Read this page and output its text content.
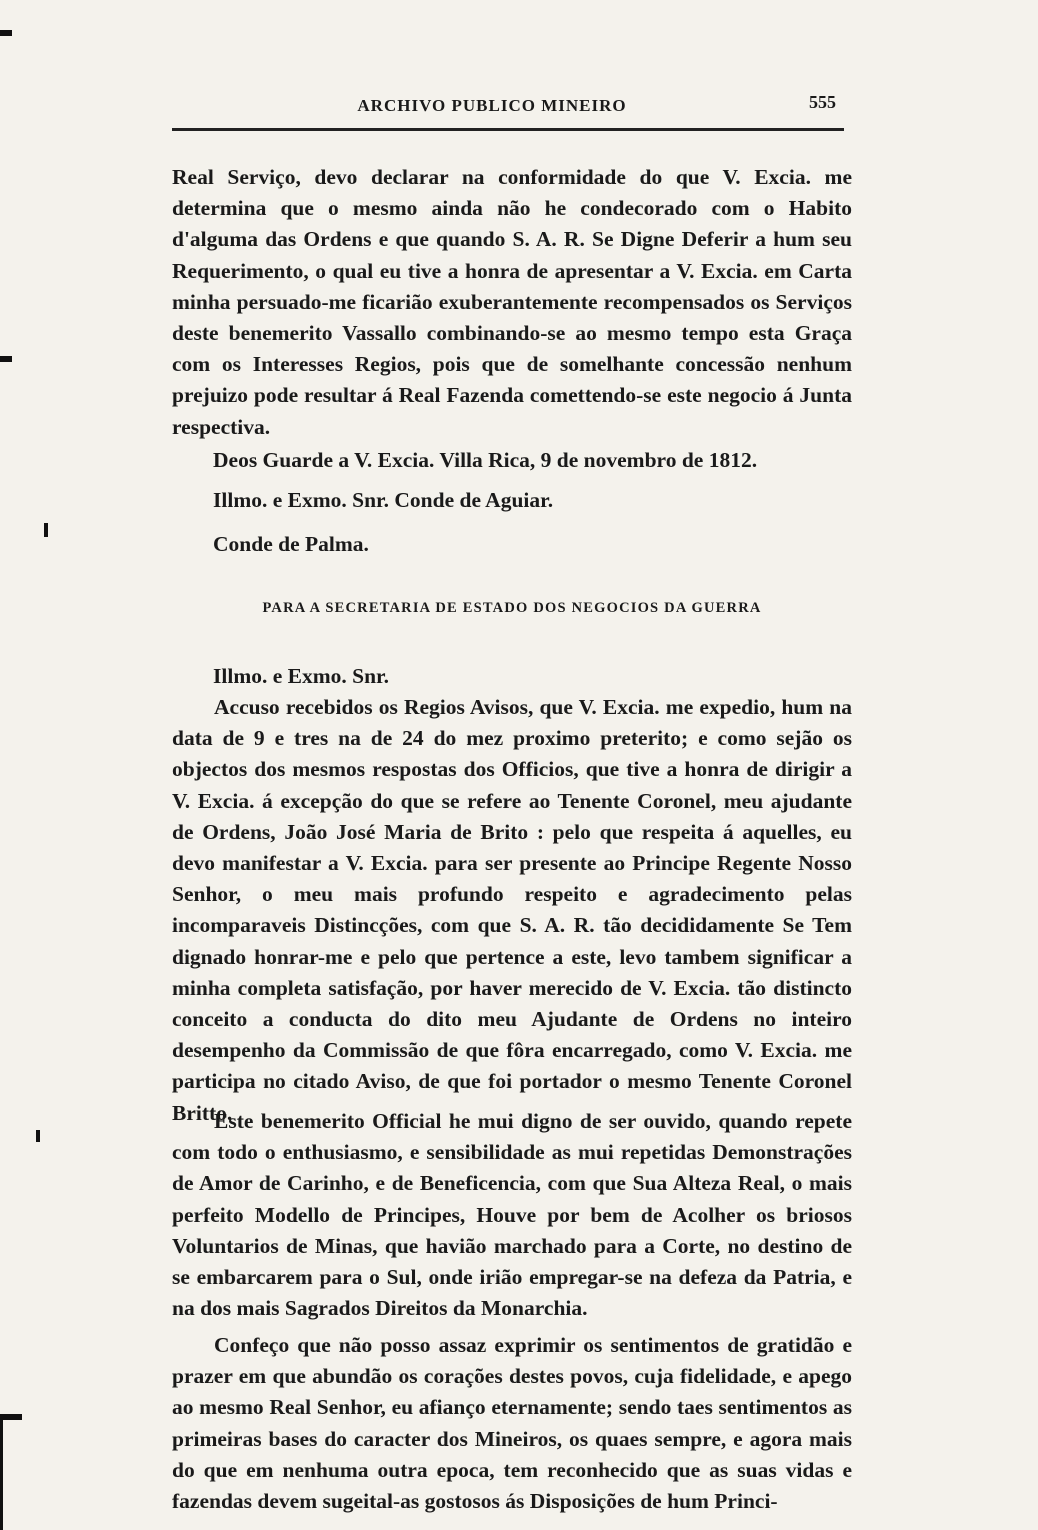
ARCHIVO PUBLICO MINEIRO	555

Real Serviço, devo declarar na conformidade do que V. Excia. me determina que o mesmo ainda não he condecorado com o Habito d'alguma das Ordens e que quando S. A. R. Se Digne Deferir a hum seu Requerimento, o qual eu tive a honra de apresentar a V. Excia. em Carta minha persuado-me ficarião exuberantemente recompensados os Serviços deste benemerito Vassallo combinando-se ao mesmo tempo esta Graça com os Interesses Regios, pois que de somelhante concessão nenhum prejuizo pode resultar á Real Fazenda comettendo-se este negocio á Junta respectiva.

Deos Guarde a V. Excia. Villa Rica, 9 de novembro de 1812.

Illmo. e Exmo. Snr. Conde de Aguiar.

Conde de Palma.

PARA A SECRETARIA DE ESTADO DOS NEGOCIOS DA GUERRA

Illmo. e Exmo. Snr.

Accuso recebidos os Regios Avisos, que V. Excia. me expedio, hum na data de 9 e tres na de 24 do mez proximo preterito; e como sejão os objectos dos mesmos respostas dos Officios, que tive a honra de dirigir a V. Excia. á excepção do que se refere ao Tenente Coronel, meu ajudante de Ordens, João José Maria de Brito : pelo que respeita á aquelles, eu devo manifestar a V. Excia. para ser presente ao Principe Regente Nosso Senhor, o meu mais profundo respeito e agradecimento pelas incomparaveis Distincções, com que S. A. R. tão decididamente Se Tem dignado honrar-me e pelo que pertence a este, levo tambem significar a minha completa satisfação, por haver merecido de V. Excia. tão distincto conceito a conducta do dito meu Ajudante de Ordens no inteiro desempenho da Commissão de que fôra encarregado, como V. Excia. me participa no citado Aviso, de que foi portador o mesmo Tenente Coronel Britto.

Este benemerito Official he mui digno de ser ouvido, quando repete com todo o enthusiasmo, e sensibilidade as mui repetidas Demonstrações de Amor de Carinho, e de Beneficencia, com que Sua Alteza Real, o mais perfeito Modello de Principes, Houve por bem de Acolher os briosos Voluntarios de Minas, que havião marchado para a Corte, no destino de se embarcarem para o Sul, onde irião empregar-se na defeza da Patria, e na dos mais Sagrados Direitos da Monarchia.

Confeço que não posso assaz exprimir os sentimentos de gratidão e prazer em que abundão os corações destes povos, cuja fidelidade, e apego ao mesmo Real Senhor, eu afianço eternamente; sendo taes sentimentos as primeiras bases do caracter dos Mineiros, os quaes sempre, e agora mais do que em nenhuma outra epoca, tem reconhecido que as suas vidas e fazendas devem sugeital-as gostosos ás Disposições de hum Princi-
